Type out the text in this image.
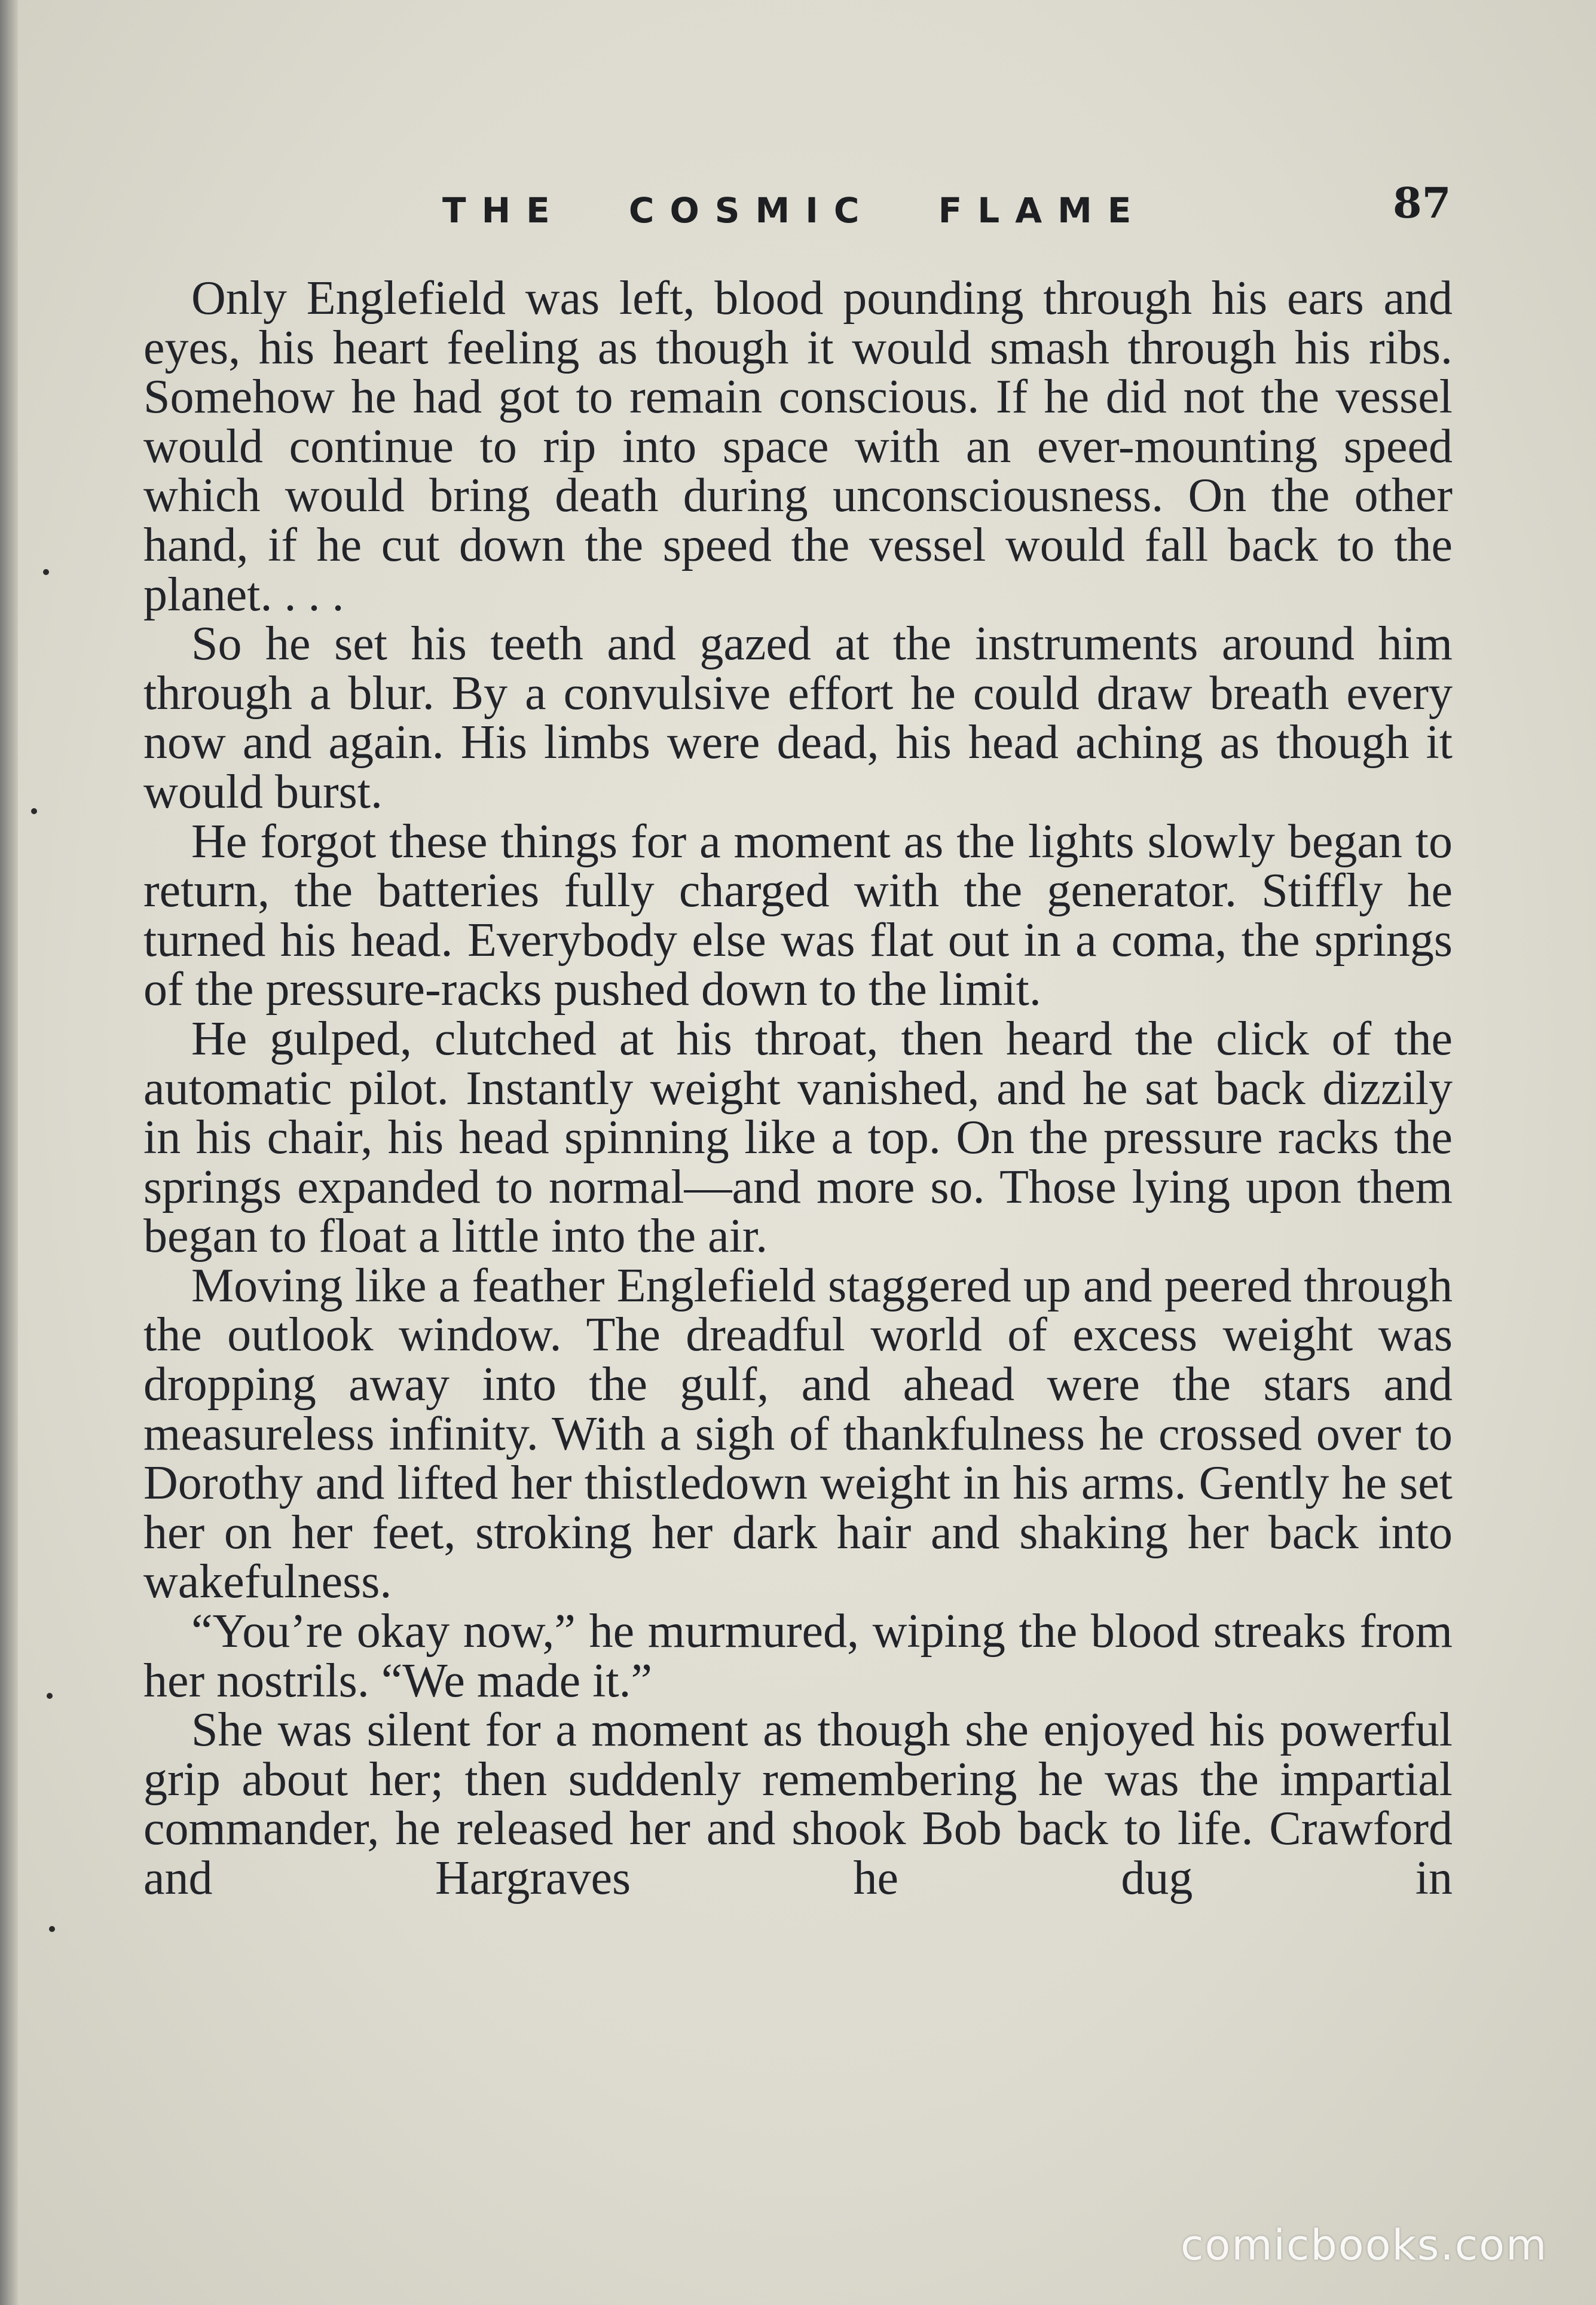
THE COSMIC FLAME	87

Only Englefield was left, blood pounding through his ears and eyes, his heart feeling as though it would smash through his ribs. Somehow he had got to remain conscious. If he did not the vessel would continue to rip into space with an ever-mounting speed which would bring death during unconsciousness. On the other hand, if he cut down the speed the vessel would fall back to the planet. . . .

So he set his teeth and gazed at the instruments around him through a blur. By a convulsive effort he could draw breath every now and again. His limbs were dead, his head aching as though it would burst.

He forgot these things for a moment as the lights slowly began to return, the batteries fully charged with the generator. Stiffly he turned his head. Everybody else was flat out in a coma, the springs of the pressure-racks pushed down to the limit.

He gulped, clutched at his throat, then heard the click of the automatic pilot. Instantly weight vanished, and he sat back dizzily in his chair, his head spinning like a top. On the pressure racks the springs expanded to normal—and more so. Those lying upon them began to float a little into the air.

Moving like a feather Englefield staggered up and peered through the outlook window. The dreadful world of excess weight was dropping away into the gulf, and ahead were the stars and measureless infinity. With a sigh of thankfulness he crossed over to Dorothy and lifted her thistledown weight in his arms. Gently he set her on her feet, stroking her dark hair and shaking her back into wakefulness.

“You’re okay now,” he murmured, wiping the blood streaks from her nostrils. “We made it.”

She was silent for a moment as though she enjoyed his powerful grip about her; then suddenly remembering he was the impartial commander, he released her and shook Bob back to life. Crawford and Hargraves he dug in

comicbooks.com
